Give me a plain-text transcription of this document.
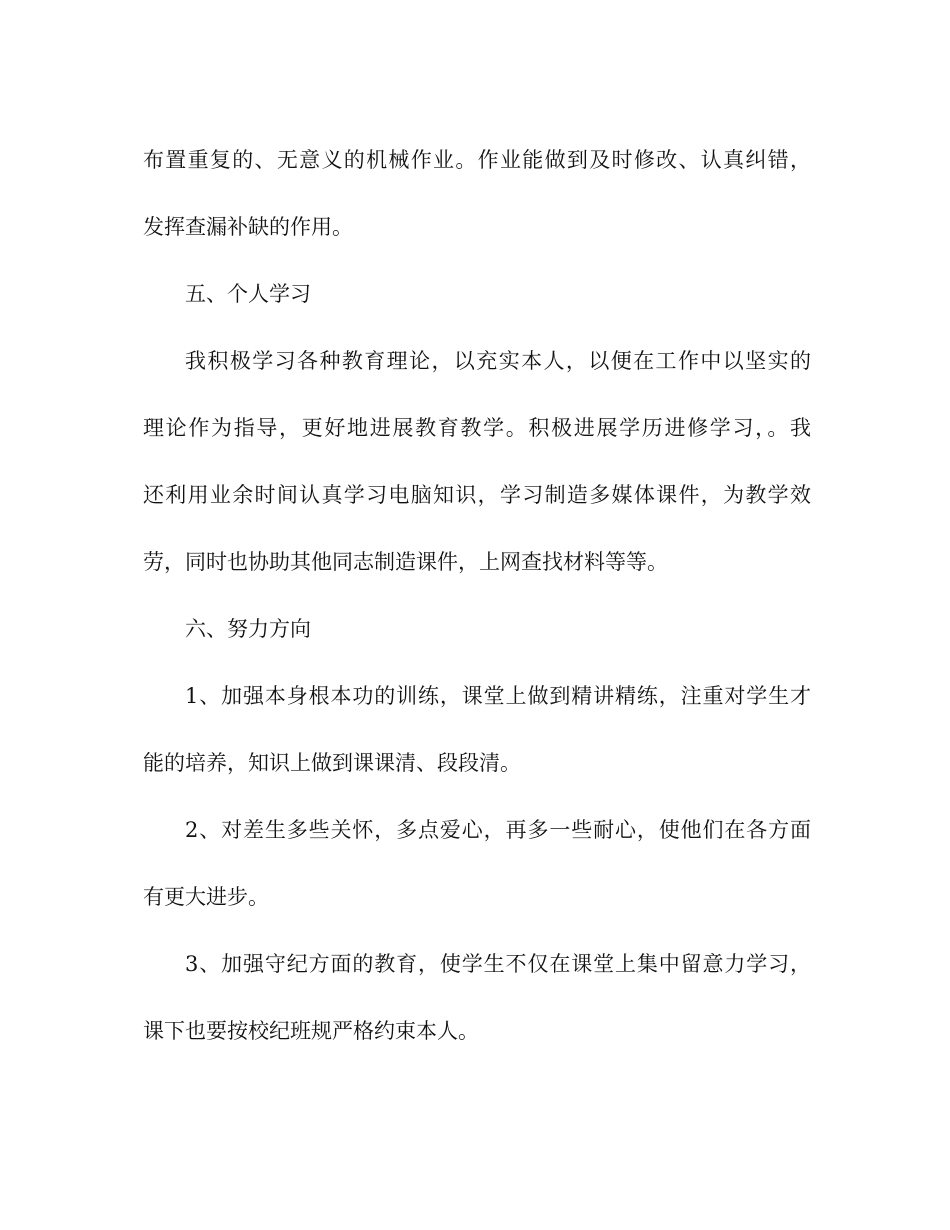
布置重复的、无意义的机械作业。作业能做到及时修改、认真纠错，
发挥查漏补缺的作用。
五、个人学习
我积极学习各种教育理论，以充实本人，以便在工作中以坚实的
理论作为指导，更好地进展教育教学。积极进展学历进修学习，。我
还利用业余时间认真学习电脑知识，学习制造多媒体课件，为教学效
劳，同时也协助其他同志制造课件，上网查找材料等等。
六、努力方向
1、加强本身根本功的训练，课堂上做到精讲精练，注重对学生才
能的培养，知识上做到课课清、段段清。
2、对差生多些关怀，多点爱心，再多一些耐心，使他们在各方面
有更大进步。
3、加强守纪方面的教育，使学生不仅在课堂上集中留意力学习，
课下也要按校纪班规严格约束本人。
